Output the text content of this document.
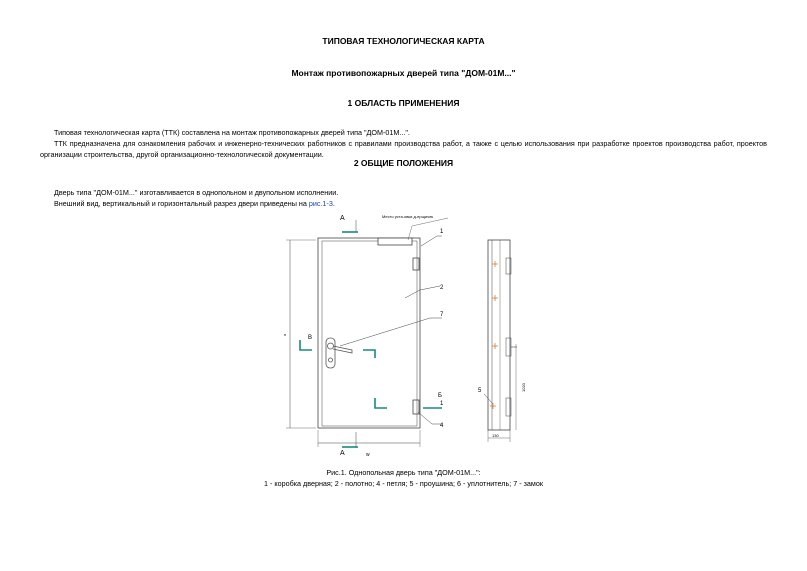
ТИПОВАЯ ТЕХНОЛОГИЧЕСКАЯ КАРТА
Монтаж противопожарных дверей типа "ДОМ-01М..."
1 ОБЛАСТЬ ПРИМЕНЕНИЯ
Типовая технологическая карта (ТТК) составлена на монтаж противопожарных дверей типа "ДОМ-01М...".
ТТК предназначена для ознакомления рабочих и инженерно-технических работников с правилами производства работ, а также с целью использования при разработке проектов производства работ, проектов организации строительства, другой организационно-технологической документации.
2 ОБЩИЕ ПОЛОЖЕНИЯ
Дверь типа "ДОМ-01М..." изготавливается в однопольном и двупольном исполнении.
Внешний вид, вертикальный и горизонтальный разрез двери приведены на рис.1-3.
Место уста-овки д-ерщичек
А
А
В
Б
1
2
7
1
4
5
н
w
1020
130
Рис.1. Однопольная дверь типа "ДОМ-01М...":
1 - коробка дверная; 2 - полотно; 4 - петля; 5 - проушина; 6 - уплотнитель; 7 - замок
